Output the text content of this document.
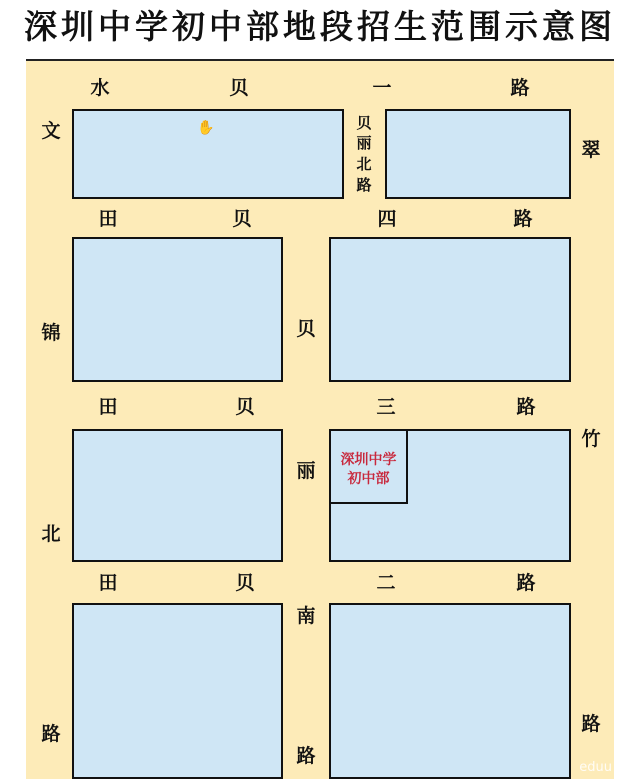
深圳中学初中部地段招生范围示意图
深圳中学
初中部
水	贝	一	路
田	贝	四	路
田	贝	三	路
田	贝	二	路
文
锦
北
路
贝
丽
北
路
贝
丽
南
路
翠
竹
路
✋
eduu
